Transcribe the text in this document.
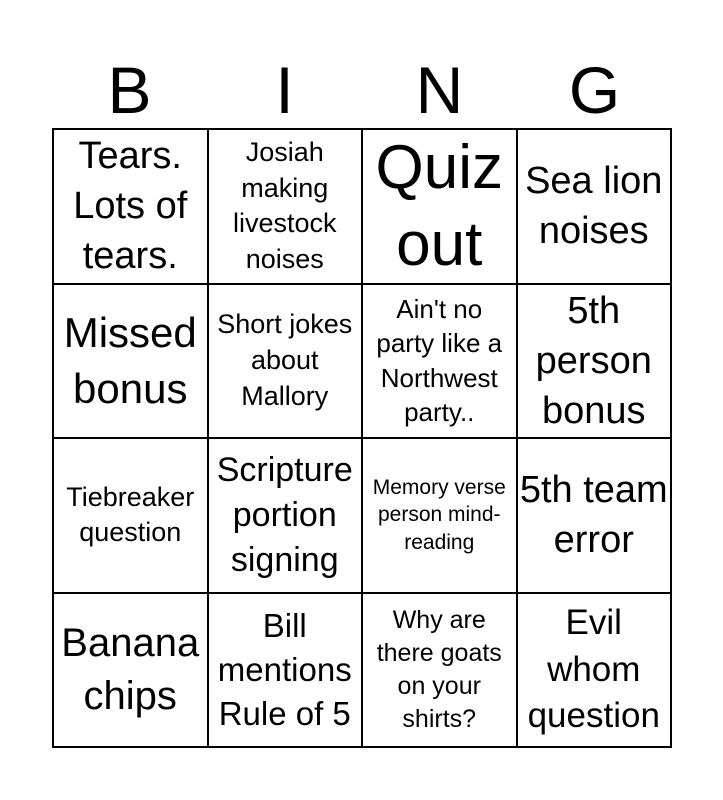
B	I	N	G
Tears. Lots of tears.
Josiah making livestock noises
Quiz out
Sea lion noises
Missed bonus
Short jokes about Mallory
Ain't no party like a Northwest party..
5th person bonus
Tiebreaker question
Scripture portion signing
Memory verse person mind-reading
5th team error
Banana chips
Bill mentions Rule of 5
Why are there goats on your shirts?
Evil whom question
